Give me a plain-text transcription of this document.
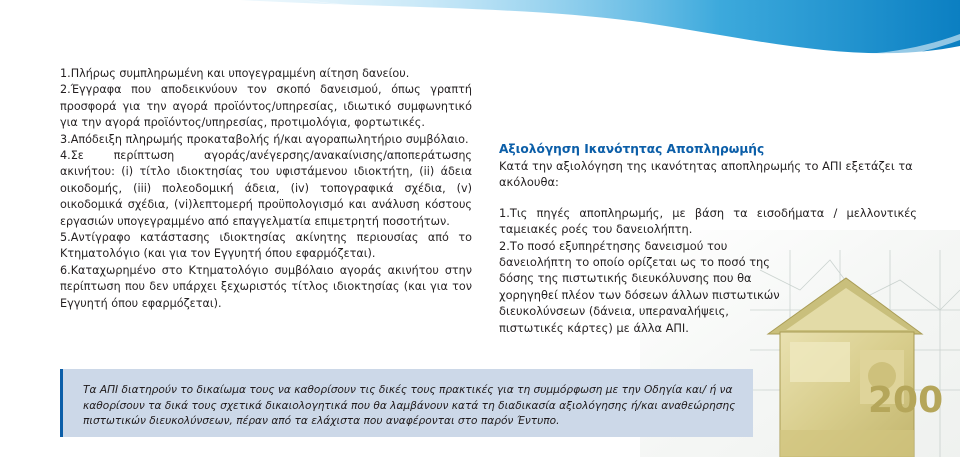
200

1.Πλήρως συμπληρωμένη και υπογεγραμμένη αίτηση δανείου.

2.Έγγραφα που αποδεικνύουν τον σκοπό δανεισμού, όπως γραπτή προσφορά για την αγορά προϊόντος/υπηρεσίας, ιδιωτικό συμφωνητικό για την αγορά προϊόντος/υπηρεσίας, προτιμολόγια, φορτωτικές.

3.Απόδειξη πληρωμής προκαταβολής ή/και αγοραπωλητήριο συμβόλαιο.

4.Σε περίπτωση αγοράς/ανέγερσης/ανακαίνισης/αποπεράτωσης ακινήτου: (i) τίτλο ιδιοκτησίας του υφιστάμενου ιδιοκτήτη, (ii) άδεια οικοδομής, (iii) πολεοδομική άδεια, (iv) τοπογραφικά σχέδια, (v) οικοδομικά σχέδια, (vi)λεπτομερή προϋπολογισμό και ανάλυση κόστους εργασιών υπογεγραμμένο από επαγγελματία επιμετρητή ποσοτήτων.

5.Αντίγραφο κατάστασης ιδιοκτησίας ακίνητης περιουσίας από το Κτηματολόγιο (και για τον Εγγυητή όπου εφαρμόζεται).

6.Καταχωρημένο στο Κτηματολόγιο συμβόλαιο αγοράς ακινήτου στην περίπτωση που δεν υπάρχει ξεχωριστός τίτλος ιδιοκτησίας (και για τον Εγγυητή όπου εφαρμόζεται).

Αξιολόγηση Ικανότητας Αποπληρωμής

Κατά την αξιολόγηση της ικανότητας αποπληρωμής το ΑΠΙ εξετάζει τα ακόλουθα:

1.Τις πηγές αποπληρωμής, με βάση τα εισοδήματα / μελλοντικές ταμειακές ροές του δανειολήπτη.

2.Το ποσό εξυπηρέτησης δανεισμού του δανειολήπτη το οποίο ορίζεται ως το ποσό της δόσης της πιστωτικής διευκόλυνσης που θα χορηγηθεί πλέον των δόσεων άλλων πιστωτικών διευκολύνσεων (δάνεια, υπεραναλήψεις, πιστωτικές κάρτες) με άλλα ΑΠΙ.

Τα ΑΠΙ διατηρούν το δικαίωμα τους να καθορίσουν τις δικές τους πρακτικές για τη συμμόρφωση με την Οδηγία και/ ή να καθορίσουν τα δικά τους σχετικά δικαιολογητικά που θα λαμβάνουν κατά τη διαδικασία αξιολόγησης ή/και αναθεώρησης πιστωτικών διευκολύνσεων, πέραν από τα ελάχιστα που αναφέρονται στο παρόν Έντυπο.
